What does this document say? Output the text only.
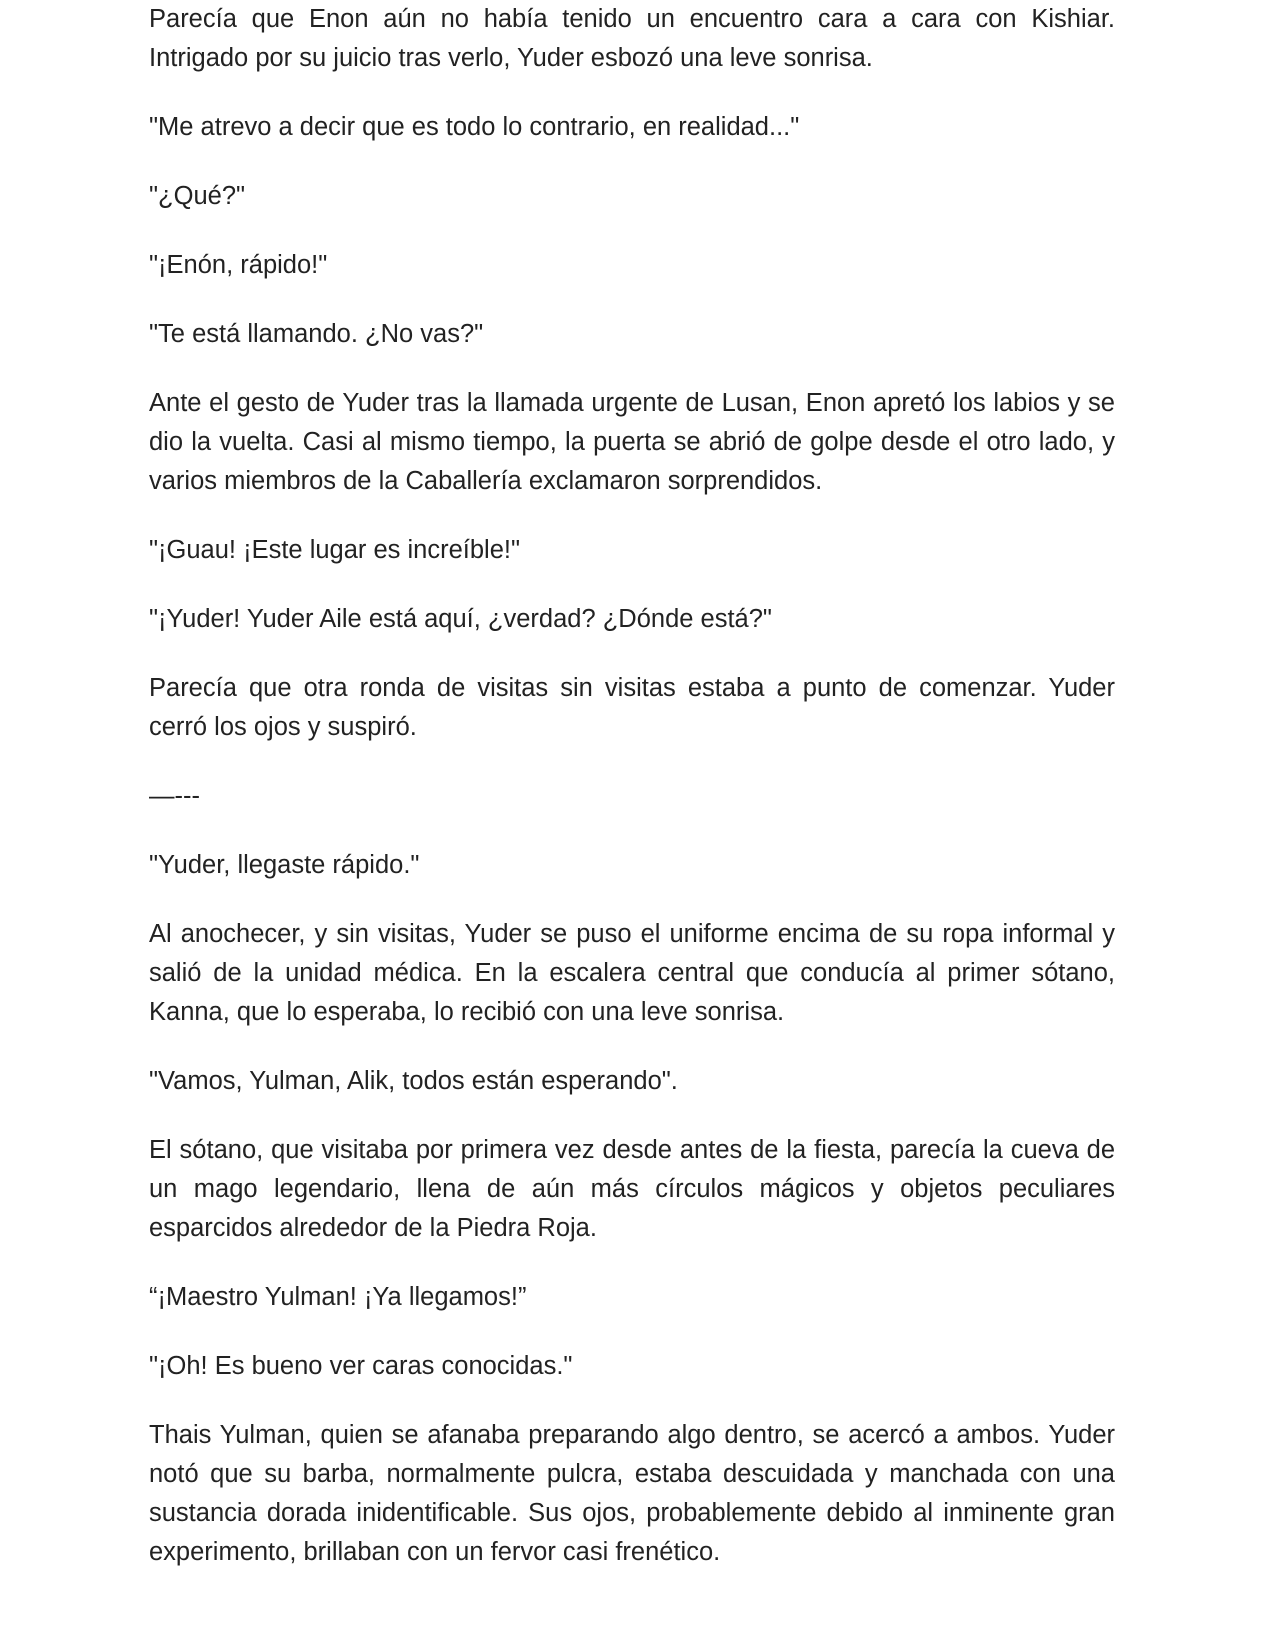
Parecía que Enon aún no había tenido un encuentro cara a cara con Kishiar. Intrigado por su juicio tras verlo, Yuder esbozó una leve sonrisa.

"Me atrevo a decir que es todo lo contrario, en realidad..."

"¿Qué?"

"¡Enón, rápido!"

"Te está llamando. ¿No vas?"

Ante el gesto de Yuder tras la llamada urgente de Lusan, Enon apretó los labios y se dio la vuelta. Casi al mismo tiempo, la puerta se abrió de golpe desde el otro lado, y varios miembros de la Caballería exclamaron sorprendidos.

"¡Guau! ¡Este lugar es increíble!"

"¡Yuder! Yuder Aile está aquí, ¿verdad? ¿Dónde está?"

Parecía que otra ronda de visitas sin visitas estaba a punto de comenzar. Yuder cerró los ojos y suspiró.

—---

"Yuder, llegaste rápido."

Al anochecer, y sin visitas, Yuder se puso el uniforme encima de su ropa informal y salió de la unidad médica. En la escalera central que conducía al primer sótano, Kanna, que lo esperaba, lo recibió con una leve sonrisa.

"Vamos, Yulman, Alik, todos están esperando".

El sótano, que visitaba por primera vez desde antes de la fiesta, parecía la cueva de un mago legendario, llena de aún más círculos mágicos y objetos peculiares esparcidos alrededor de la Piedra Roja.

“¡Maestro Yulman! ¡Ya llegamos!”

"¡Oh! Es bueno ver caras conocidas."

Thais Yulman, quien se afanaba preparando algo dentro, se acercó a ambos. Yuder notó que su barba, normalmente pulcra, estaba descuidada y manchada con una sustancia dorada inidentificable. Sus ojos, probablemente debido al inminente gran experimento, brillaban con un fervor casi frenético.
